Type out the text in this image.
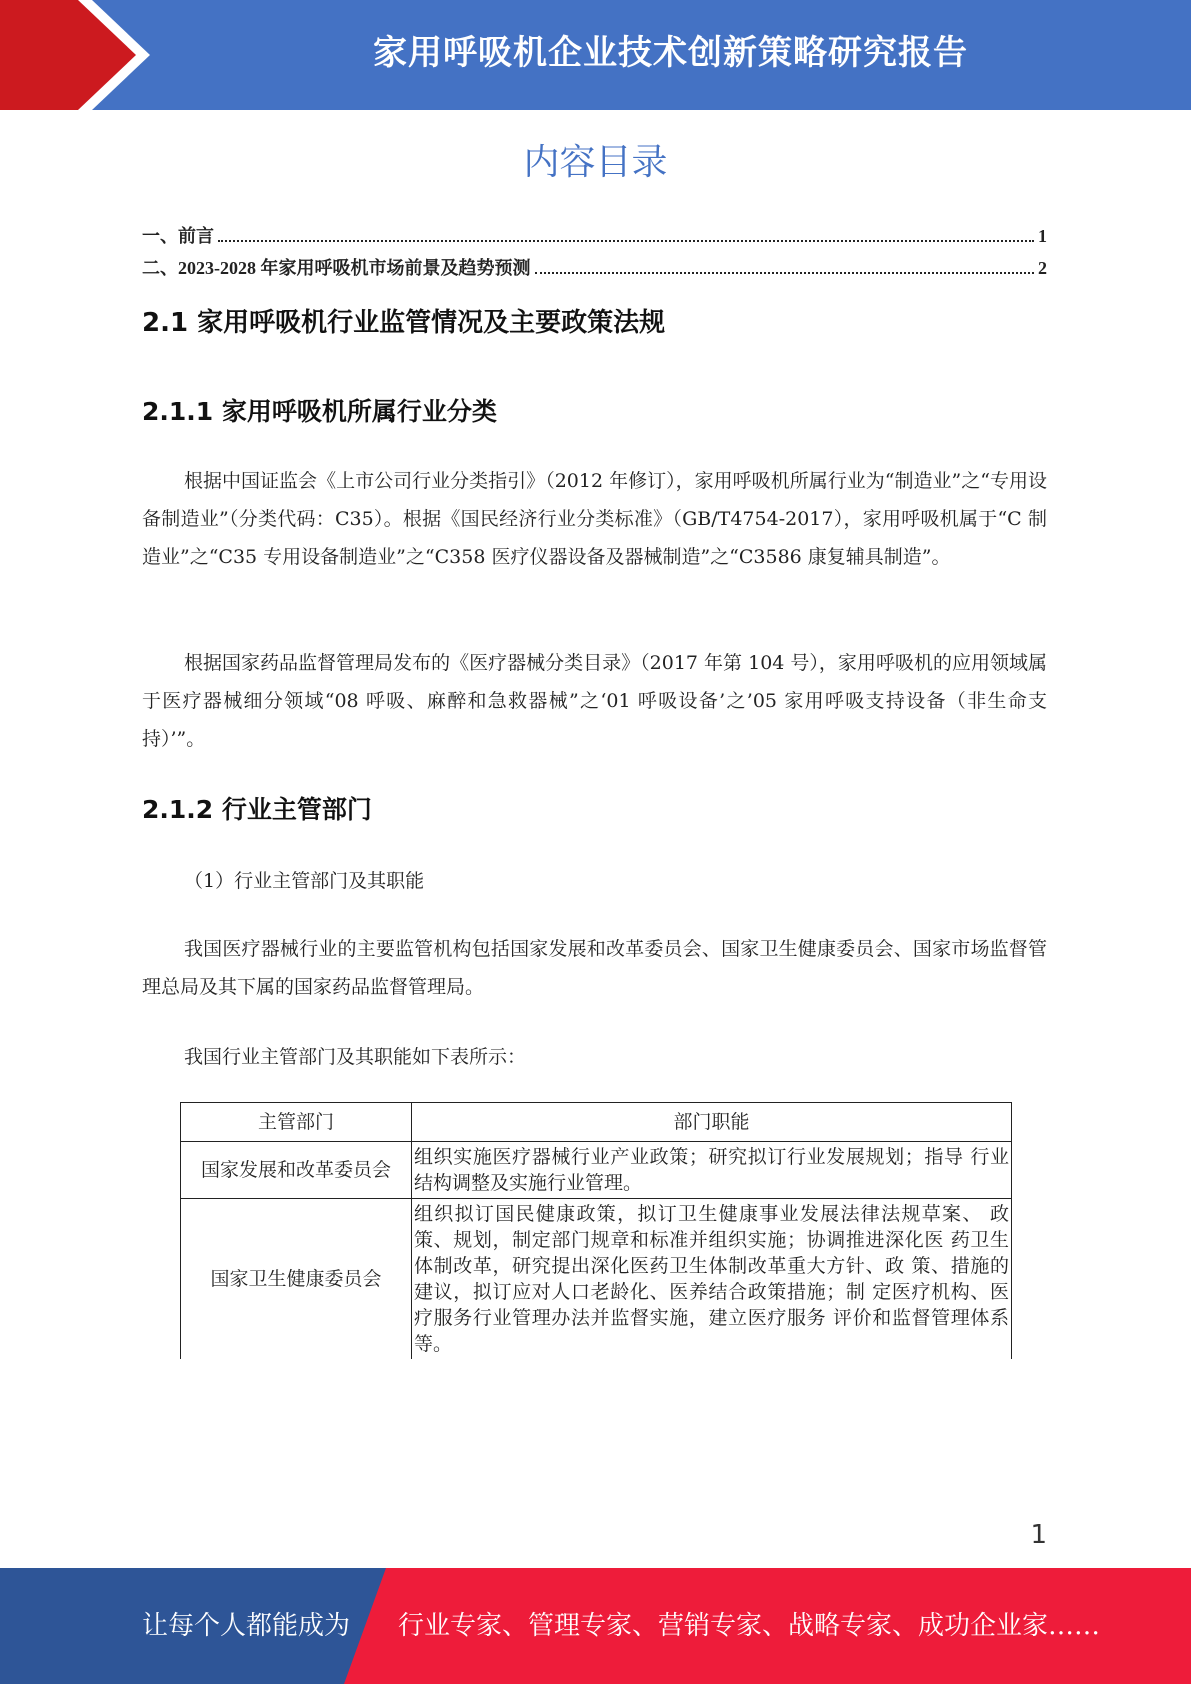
家用呼吸机企业技术创新策略研究报告
内容目录
一、前言	1
二、2023-2028 年家用呼吸机市场前景及趋势预测	2
2.1 家用呼吸机行业监管情况及主要政策法规
2.1.1 家用呼吸机所属行业分类

根据中国证监会《上市公司行业分类指引》（2012 年修订），家用呼吸机所属行业为“制造业”之“专用设备制造业”（分类代码：C35）。根据《国民经济行业分类标准》（GB/T4754-2017），家用呼吸机属于“C 制造业”之“C35 专用设备制造业”之“C358 医疗仪器设备及器械制造”之“C3586 康复辅具制造”。

根据国家药品监督管理局发布的《医疗器械分类目录》（2017 年第 104 号），家用呼吸机的应用领域属于医疗器械细分领域“08 呼吸、麻醉和急救器械”之‘01 呼吸设备’之’05 家用呼吸支持设备（非生命支持）’”。

2.1.2 行业主管部门

（1）行业主管部门及其职能

我国医疗器械行业的主要监管机构包括国家发展和改革委员会、国家卫生健康委员会、国家市场监督管理总局及其下属的国家药品监督管理局。

我国行业主管部门及其职能如下表所示：

主管部门	部门职能
国家发展和改革委员会	组织实施医疗器械行业产业政策；研究拟订行业发展规划；指导 行业结构调整及实施行业管理。
国家卫生健康委员会	组织拟订国民健康政策，拟订卫生健康事业发展法律法规草案、 政策、规划，制定部门规章和标准并组织实施；协调推进深化医 药卫生体制改革，研究提出深化医药卫生体制改革重大方针、政 策、措施的建议，拟订应对人口老龄化、医养结合政策措施；制 定医疗机构、医疗服务行业管理办法并监督实施，建立医疗服务 评价和监督管理体系等。
1
让每个人都能成为 行业专家、管理专家、营销专家、战略专家、成功企业家……
